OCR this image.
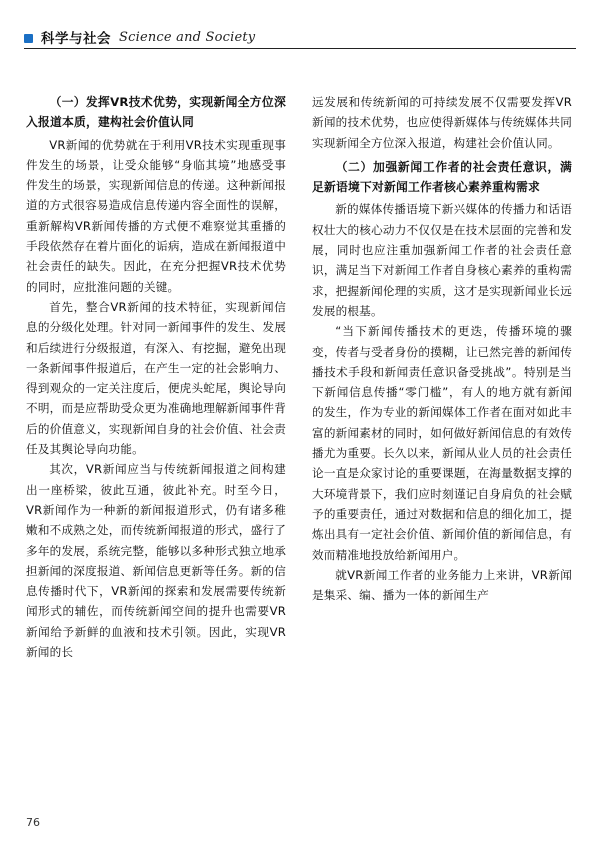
科学与社会 Science and Society

（一）发挥VR技术优势，实现新闻全方位深入报道本质，建构社会价值认同

VR新闻的优势就在于利用VR技术实现重现事件发生的场景，让受众能够“身临其境”地感受事件发生的场景，实现新闻信息的传递。这种新闻报道的方式很容易造成信息传递内容全面性的误解，重新解构VR新闻传播的方式便不难察觉其重播的手段依然存在着片面化的诟病，造成在新闻报道中社会责任的缺失。因此，在充分把握VR技术优势的同时，应批淮问题的关键。

首先，整合VR新闻的技术特征，实现新闻信息的分级化处理。针对同一新闻事件的发生、发展和后续进行分级报道，有深入、有挖掘，避免出现一条新闻事件报道后，在产生一定的社会影响力、得到观众的一定关注度后，便虎头蛇尾，舆论导向不明，而是应帮助受众更为准确地理解新闻事件背后的价值意义，实现新闻自身的社会价值、社会责任及其舆论导向功能。

其次，VR新闻应当与传统新闻报道之间构建出一座桥梁，彼此互通，彼此补充。时至今日，VR新闻作为一种新的新闻报道形式，仍有诸多稚嫩和不成熟之处，而传统新闻报道的形式，盛行了多年的发展，系统完整，能够以多种形式独立地承担新闻的深度报道、新闻信息更新等任务。新的信息传播时代下，VR新闻的探索和发展需要传统新闻形式的辅佐，而传统新闻空间的提升也需要VR新闻给予新鲜的血液和技术引领。因此，实现VR新闻的长

远发展和传统新闻的可持续发展不仅需要发挥VR新闻的技术优势，也应使得新媒体与传统媒体共同实现新闻全方位深入报道，构建社会价值认同。

（二）加强新闻工作者的社会责任意识，满足新语境下对新闻工作者核心素养重构需求

新的媒体传播语境下新兴媒体的传播力和话语权壮大的核心动力不仅仅是在技术层面的完善和发展，同时也应注重加强新闻工作者的社会责任意识，满足当下对新闻工作者自身核心素养的重构需求，把握新闻伦理的实质，这才是实现新闻业长远发展的根基。

“当下新闻传播技术的更迭，传播环境的骤变，传者与受者身份的摸糊，让已然完善的新闻传播技术手段和新闻责任意识备受挑战”。特别是当下新闻信息传播“零门槛”，有人的地方就有新闻的发生，作为专业的新闻媒体工作者在面对如此丰富的新闻素材的同时，如何做好新闻信息的有效传播尤为重要。长久以来，新闻从业人员的社会责任论一直是众家讨论的重要课题，在海量数据支撑的大环境背景下，我们应时刻谨记自身肩负的社会赋予的重要责任，通过对数据和信息的细化加工，提炼出具有一定社会价值、新闻价值的新闻信息，有效而精准地投放给新闻用户。

就VR新闻工作者的业务能力上来讲，VR新闻是集采、编、播为一体的新闻生产

76
